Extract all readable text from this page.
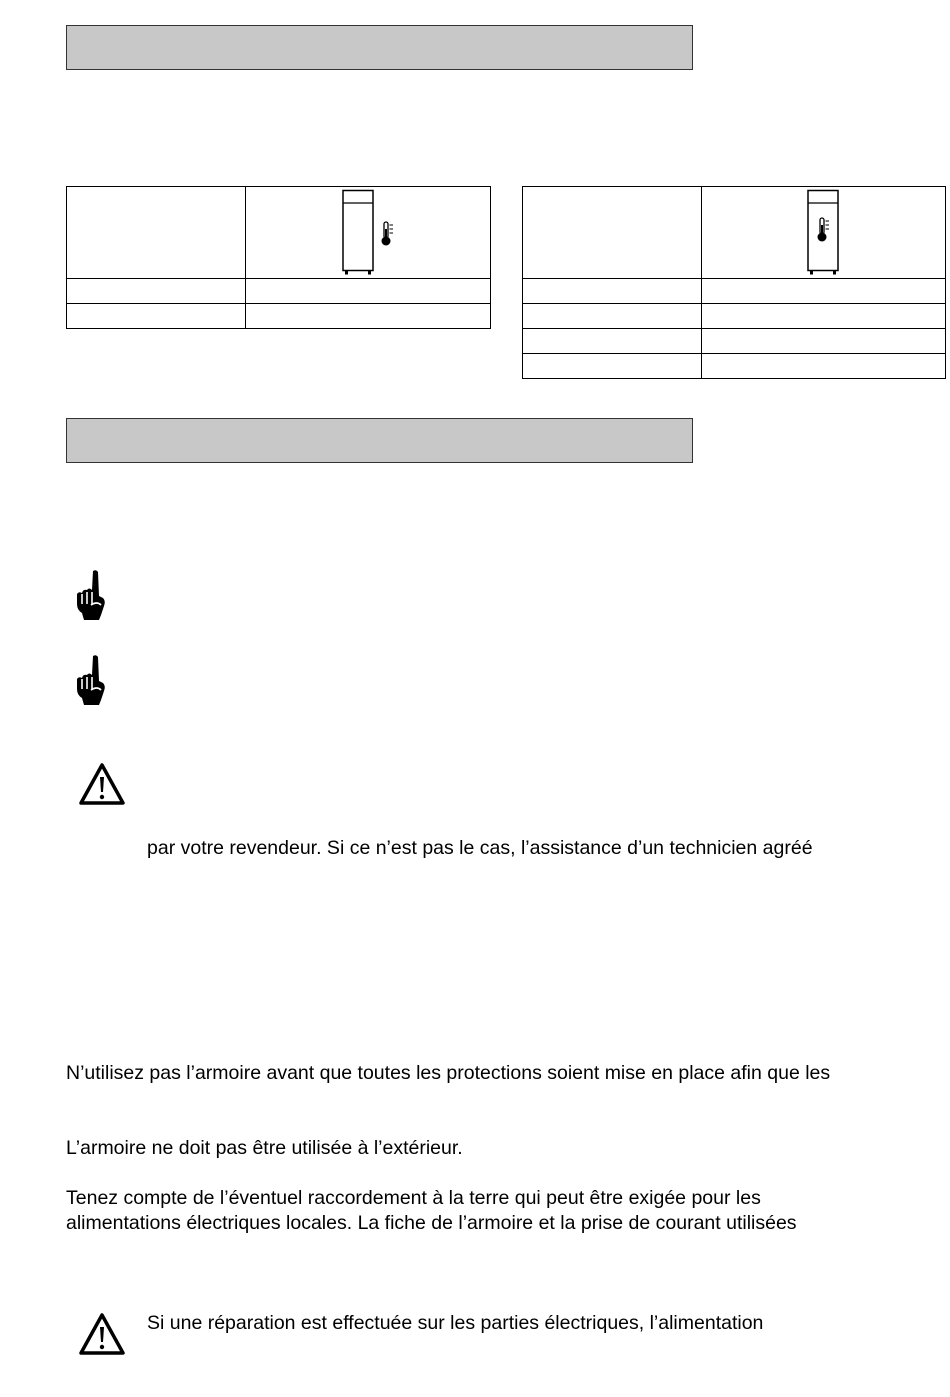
par votre revendeur. Si ce n’est pas le cas, l’assistance d’un technicien agréé
N’utilisez pas l’armoire avant que toutes les protections soient mise en place afin que les
L’armoire ne doit pas être utilisée à l’extérieur.
Tenez compte de l’éventuel raccordement à la terre qui peut être exigée pour les
alimentations électriques locales. La fiche de l’armoire et la prise de courant utilisées
Si une réparation est effectuée sur les parties électriques, l’alimentation
